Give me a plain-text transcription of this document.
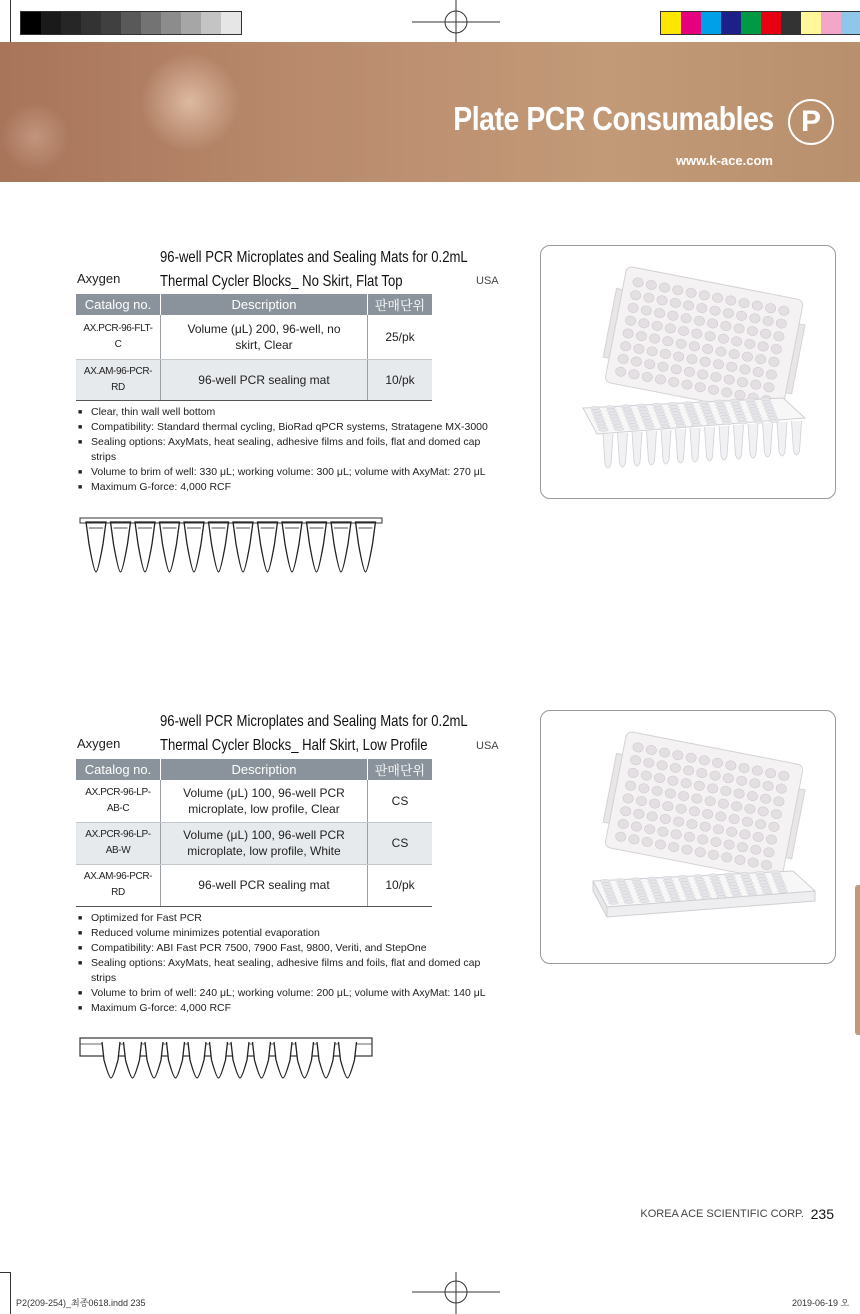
Plate PCR Consumables P
www.k-ace.com
Axygen
96-well PCR Microplates and Sealing Mats for 0.2mL
Thermal Cycler Blocks_ No Skirt, Flat Top	USA
Catalog no.	Description	판매단위
AX.PCR-96-FLT-C	Volume (μL) 200, 96-well, no skirt, Clear	25/pk
AX.AM-96-PCR-RD	96-well PCR sealing mat	10/pk
■ Clear, thin wall well bottom
■ Compatibility: Standard thermal cycling, BioRad qPCR systems, Stratagene MX-3000
■ Sealing options: AxyMats, heat sealing, adhesive films and foils, flat and domed cap strips
■ Volume to brim of well: 330 μL; working volume: 300 μL; volume with AxyMat: 270 μL
■ Maximum G-force: 4,000 RCF
Axygen
96-well PCR Microplates and Sealing Mats for 0.2mL
Thermal Cycler Blocks_ Half Skirt, Low Profile	USA
Catalog no.	Description	판매단위
AX.PCR-96-LP-AB-C	Volume (μL) 100, 96-well PCR microplate, low profile, Clear	CS
AX.PCR-96-LP-AB-W	Volume (μL) 100, 96-well PCR microplate, low profile, White	CS
AX.AM-96-PCR-RD	96-well PCR sealing mat	10/pk
■ Optimized for Fast PCR
■ Reduced volume minimizes potential evaporation
■ Compatibility: ABI Fast PCR 7500, 7900 Fast, 9800, Veriti, and StepOne
■ Sealing options: AxyMats, heat sealing, adhesive films and foils, flat and domed cap strips
■ Volume to brim of well: 240 μL; working volume: 200 μL; volume with AxyMat: 140 μL
■ Maximum G-force: 4,000 RCF
KOREA ACE SCIENTIFIC CORP. 235
P2(209-254)_최종0618.indd 235	2019-06-19 오
